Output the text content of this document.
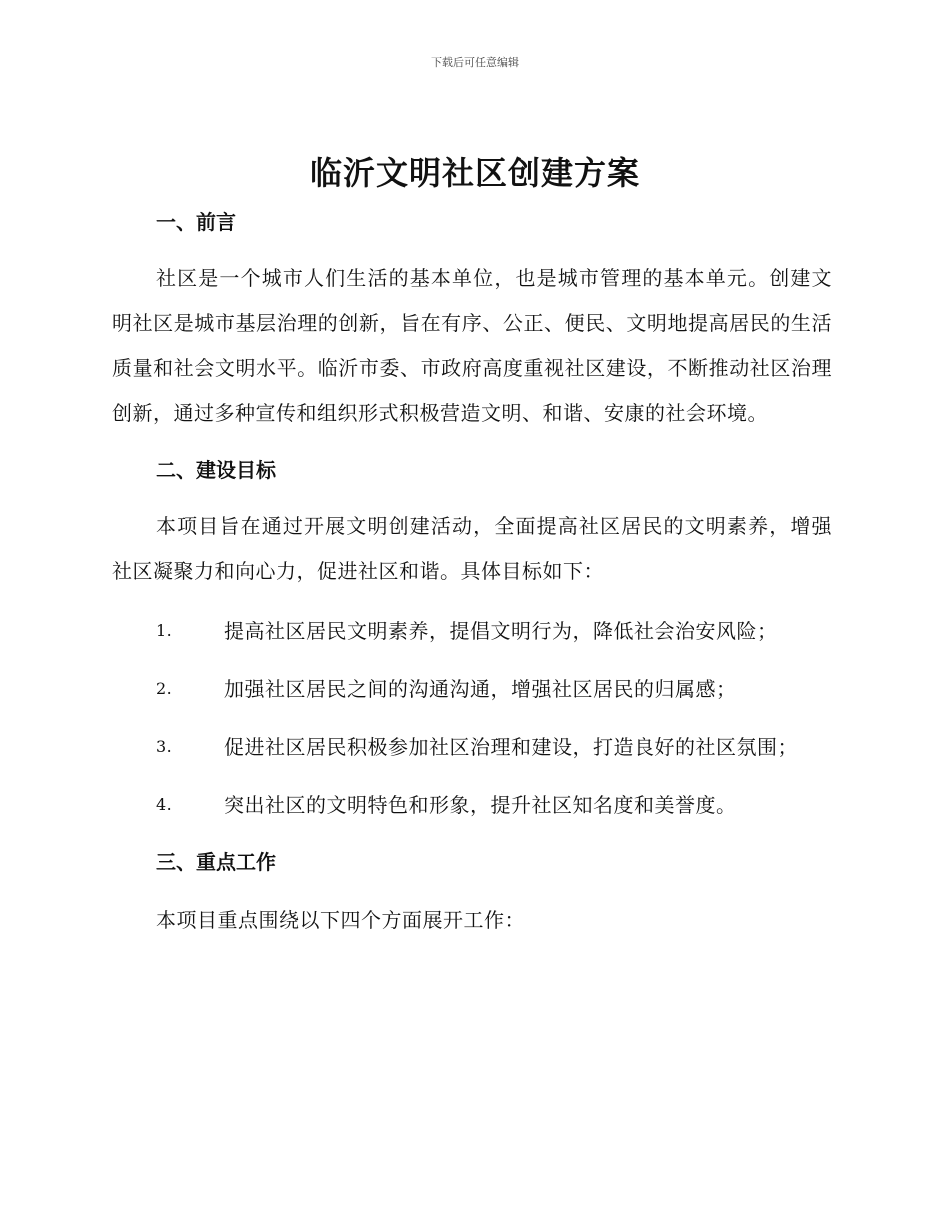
下载后可任意编辑
临沂文明社区创建方案
一、前言

社区是一个城市人们生活的基本单位，也是城市管理的基本单元。创建文明社区是城市基层治理的创新，旨在有序、公正、便民、文明地提高居民的生活质量和社会文明水平。临沂市委、市政府高度重视社区建设，不断推动社区治理创新，通过多种宣传和组织形式积极营造文明、和谐、安康的社会环境。

二、建设目标

本项目旨在通过开展文明创建活动，全面提高社区居民的文明素养，增强社区凝聚力和向心力，促进社区和谐。具体目标如下：

1.	提高社区居民文明素养，提倡文明行为，降低社会治安风险；
2.	加强社区居民之间的沟通沟通，增强社区居民的归属感；
3.	促进社区居民积极参加社区治理和建设，打造良好的社区氛围；
4.	突出社区的文明特色和形象，提升社区知名度和美誉度。
三、重点工作

本项目重点围绕以下四个方面展开工作：
